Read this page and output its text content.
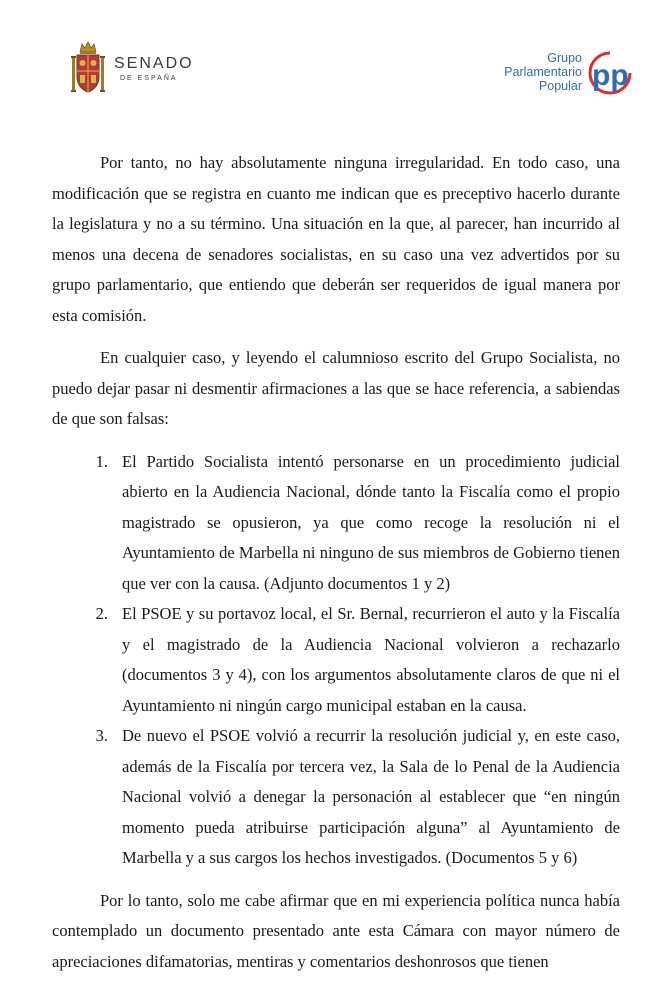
SENADO
DE ESPAÑA
Grupo
Parlamentario
Popular pp

Por tanto, no hay absolutamente ninguna irregularidad. En todo caso, una modificación que se registra en cuanto me indican que es preceptivo hacerlo durante la legislatura y no a su término. Una situación en la que, al parecer, han incurrido al menos una decena de senadores socialistas, en su caso una vez advertidos por su grupo parlamentario, que entiendo que deberán ser requeridos de igual manera por esta comisión.

En cualquier caso, y leyendo el calumnioso escrito del Grupo Socialista, no puedo dejar pasar ni desmentir afirmaciones a las que se hace referencia, a sabiendas de que son falsas:

1. El Partido Socialista intentó personarse en un procedimiento judicial abierto en la Audiencia Nacional, dónde tanto la Fiscalía como el propio magistrado se opusieron, ya que como recoge la resolución ni el Ayuntamiento de Marbella ni ninguno de sus miembros de Gobierno tienen que ver con la causa. (Adjunto documentos 1 y 2)
2. El PSOE y su portavoz local, el Sr. Bernal, recurrieron el auto y la Fiscalía y el magistrado de la Audiencia Nacional volvieron a rechazarlo (documentos 3 y 4), con los argumentos absolutamente claros de que ni el Ayuntamiento ni ningún cargo municipal estaban en la causa.
3. De nuevo el PSOE volvió a recurrir la resolución judicial y, en este caso, además de la Fiscalía por tercera vez, la Sala de lo Penal de la Audiencia Nacional volvió a denegar la personación al establecer que “en ningún momento pueda atribuirse participación alguna” al Ayuntamiento de Marbella y a sus cargos los hechos investigados. (Documentos 5 y 6)

Por lo tanto, solo me cabe afirmar que en mi experiencia política nunca había contemplado un documento presentado ante esta Cámara con mayor número de apreciaciones difamatorias, mentiras y comentarios deshonrosos que tienen
